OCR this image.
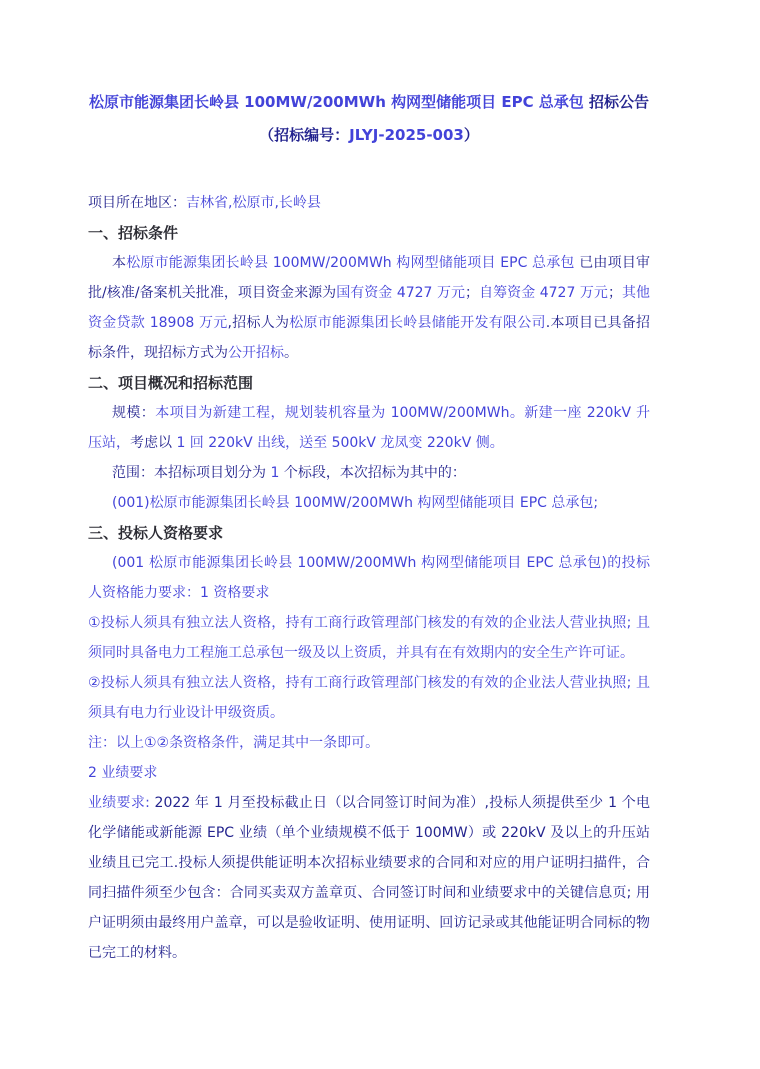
松原市能源集团长岭县 100MW/200MWh 构网型储能项目 EPC 总承包 招标公告
（招标编号：JLYJ-2025-003）
项目所在地区：吉林省,松原市,长岭县
一、招标条件
本松原市能源集团长岭县 100MW/200MWh 构网型储能项目 EPC 总承包 已由项目审批/核准/备案机关批准，项目资金来源为国有资金 4727 万元；自筹资金 4727 万元；其他资金贷款 18908 万元,招标人为松原市能源集团长岭县储能开发有限公司.本项目已具备招标条件，现招标方式为公开招标。
二、项目概况和招标范围
规模：本项目为新建工程，规划装机容量为 100MW/200MWh。新建一座 220kV 升压站，考虑以 1 回 220kV 出线，送至 500kV 龙凤变 220kV 侧。
范围：本招标项目划分为 1 个标段，本次招标为其中的：
(001)松原市能源集团长岭县 100MW/200MWh 构网型储能项目 EPC 总承包;
三、投标人资格要求
(001 松原市能源集团长岭县 100MW/200MWh 构网型储能项目 EPC 总承包)的投标人资格能力要求：1 资格要求
①投标人须具有独立法人资格，持有工商行政管理部门核发的有效的企业法人营业执照; 且须同时具备电力工程施工总承包一级及以上资质，并具有在有效期内的安全生产许可证。
②投标人须具有独立法人资格，持有工商行政管理部门核发的有效的企业法人营业执照; 且须具有电力行业设计甲级资质。
注：以上①②条资格条件，满足其中一条即可。
2 业绩要求
业绩要求: 2022 年 1 月至投标截止日（以合同签订时间为准）,投标人须提供至少 1 个电化学储能或新能源 EPC 业绩（单个业绩规模不低于 100MW）或 220kV 及以上的升压站业绩且已完工.投标人须提供能证明本次招标业绩要求的合同和对应的用户证明扫描件，合同扫描件须至少包含：合同买卖双方盖章页、合同签订时间和业绩要求中的关键信息页; 用户证明须由最终用户盖章，可以是验收证明、使用证明、回访记录或其他能证明合同标的物已完工的材料。
